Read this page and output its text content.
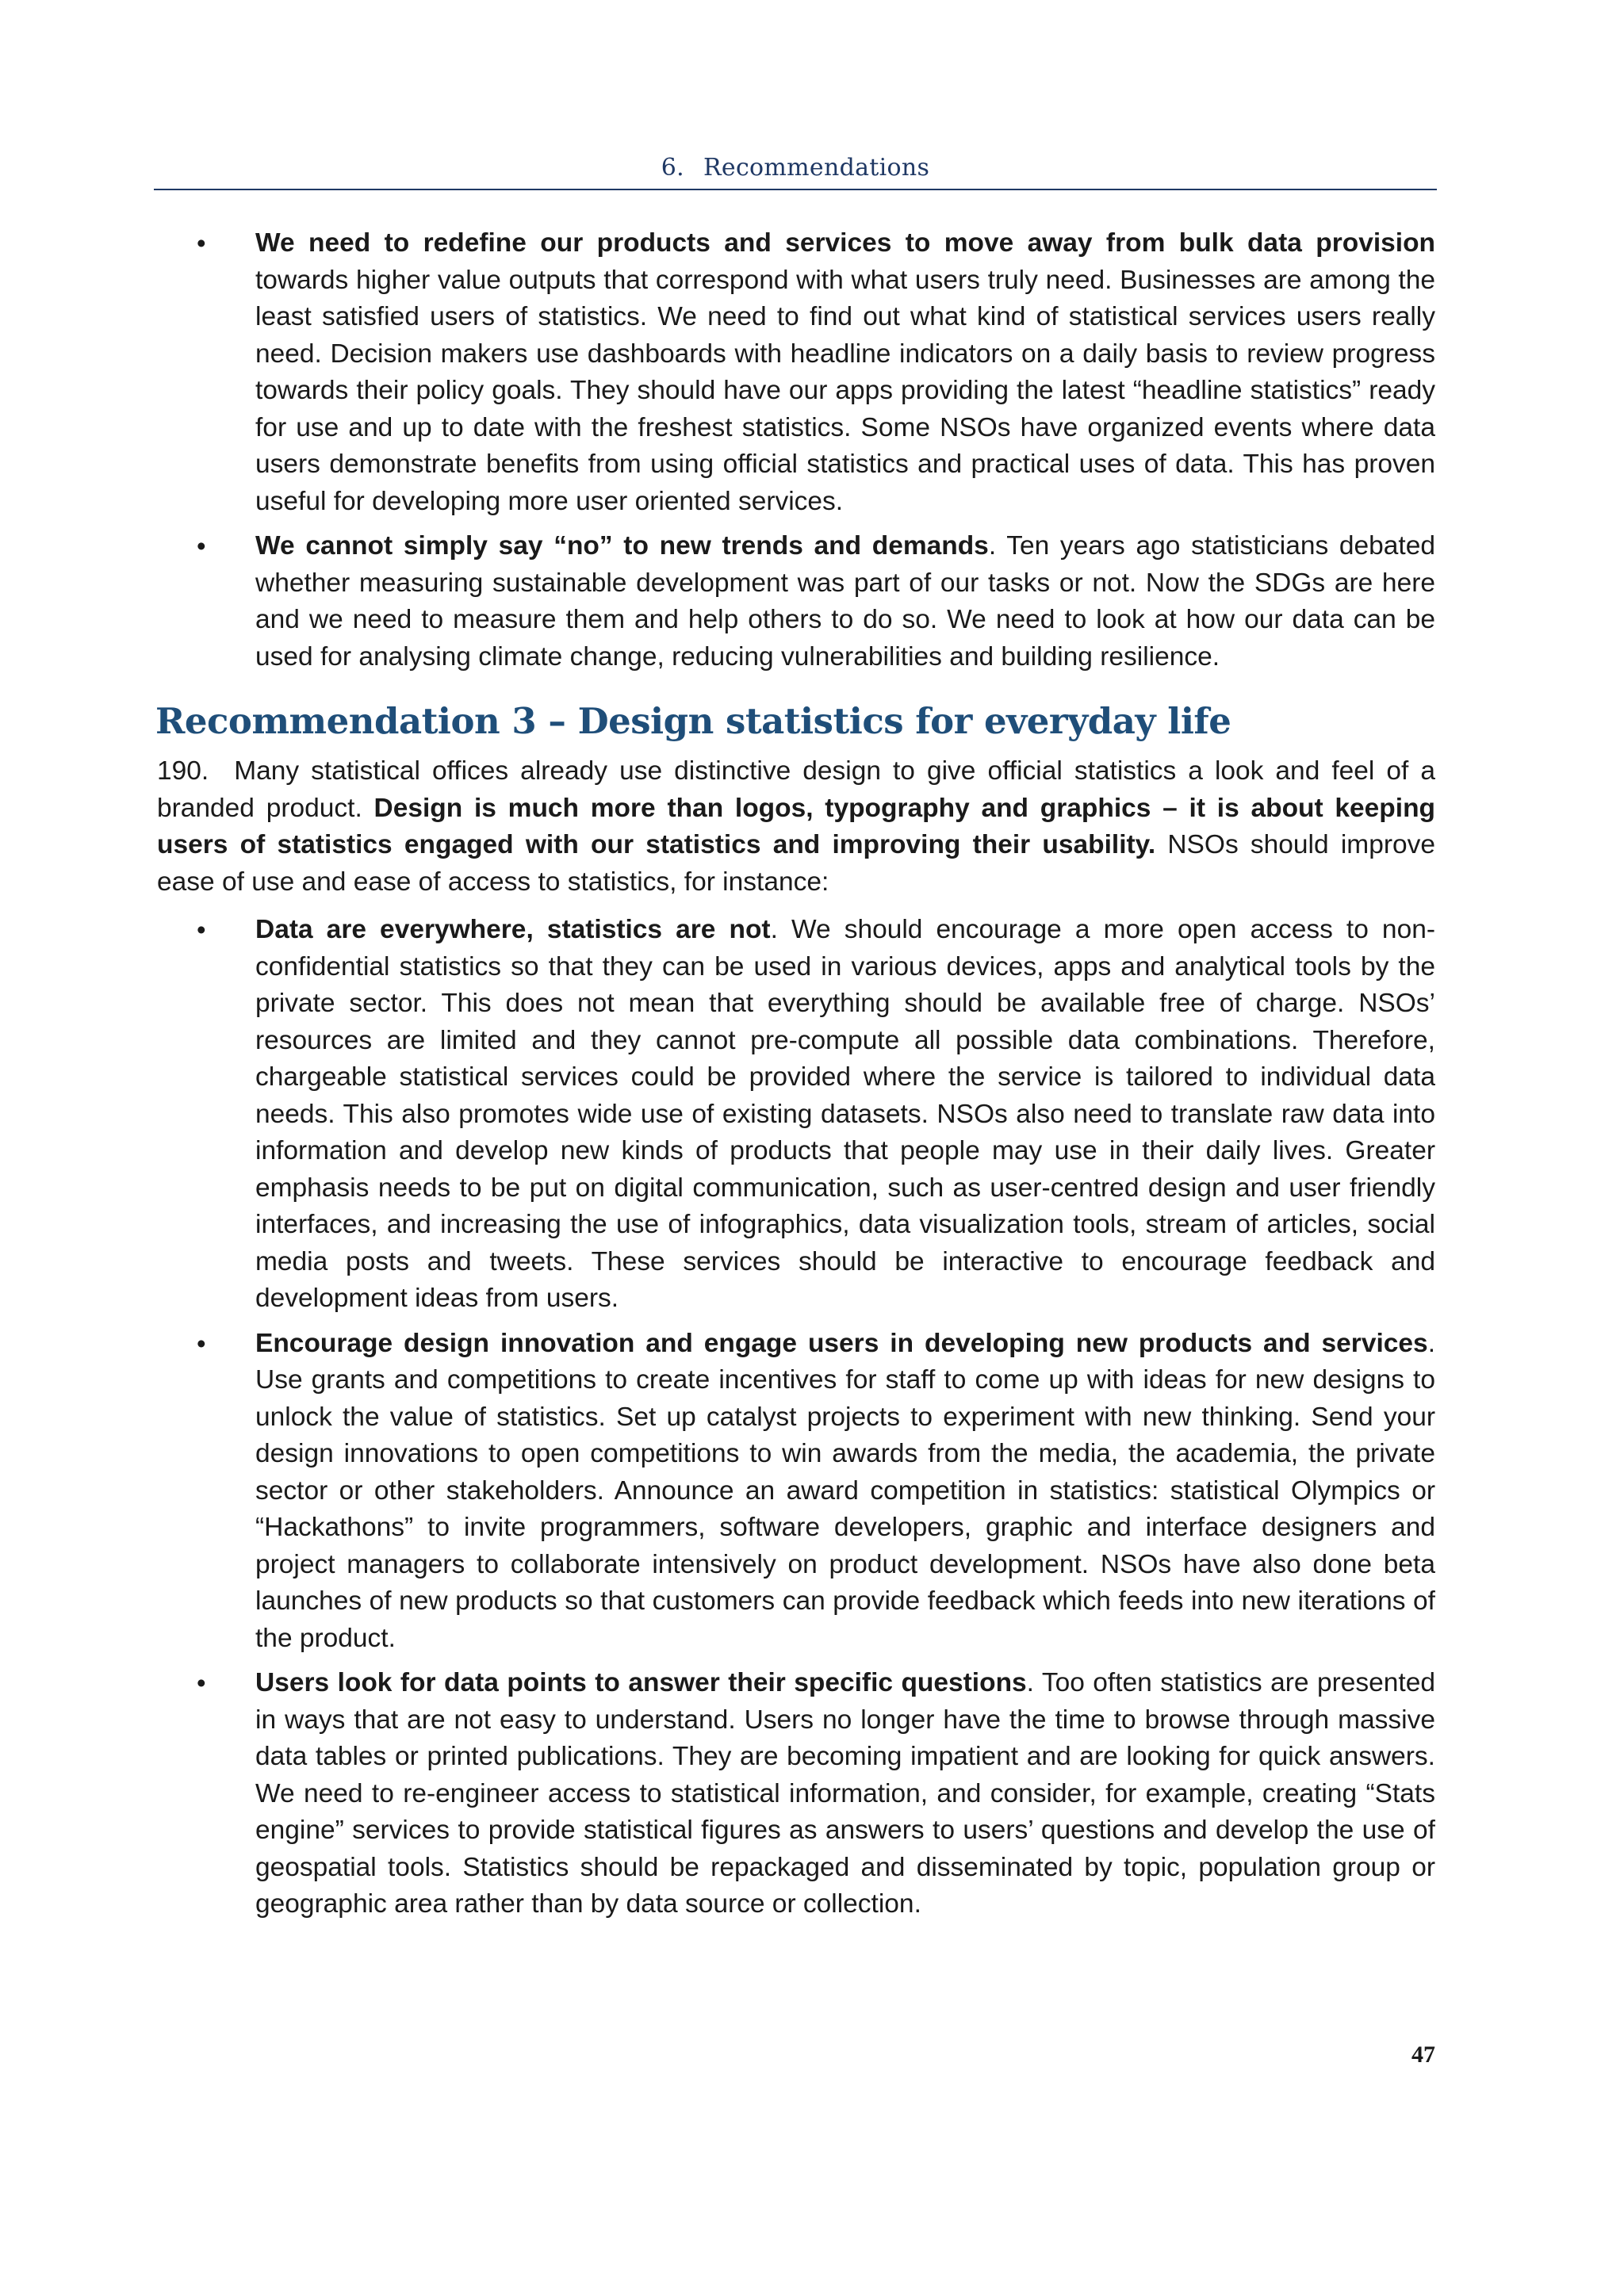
6. Recommendations
• We need to redefine our products and services to move away from bulk data provision towards higher value outputs that correspond with what users truly need. Businesses are among the least satisfied users of statistics. We need to find out what kind of statistical services users really need. Decision makers use dashboards with headline indicators on a daily basis to review progress towards their policy goals. They should have our apps providing the latest “headline statistics” ready for use and up to date with the freshest statistics. Some NSOs have organized events where data users demonstrate benefits from using official statistics and practical uses of data. This has proven useful for developing more user oriented services.
• We cannot simply say “no” to new trends and demands. Ten years ago statisticians debated whether measuring sustainable development was part of our tasks or not. Now the SDGs are here and we need to measure them and help others to do so. We need to look at how our data can be used for analysing climate change, reducing vulnerabilities and building resilience.
Recommendation 3 – Design statistics for everyday life

190. Many statistical offices already use distinctive design to give official statistics a look and feel of a branded product. Design is much more than logos, typography and graphics – it is about keeping users of statistics engaged with our statistics and improving their usability. NSOs should improve ease of use and ease of access to statistics, for instance:

• Data are everywhere, statistics are not. We should encourage a more open access to non-confidential statistics so that they can be used in various devices, apps and analytical tools by the private sector. This does not mean that everything should be available free of charge. NSOs’ resources are limited and they cannot pre-compute all possible data combinations. Therefore, chargeable statistical services could be provided where the service is tailored to individual data needs. This also promotes wide use of existing datasets. NSOs also need to translate raw data into information and develop new kinds of products that people may use in their daily lives. Greater emphasis needs to be put on digital communication, such as user-centred design and user friendly interfaces, and increasing the use of infographics, data visualization tools, stream of articles, social media posts and tweets. These services should be interactive to encourage feedback and development ideas from users.
• Encourage design innovation and engage users in developing new products and services. Use grants and competitions to create incentives for staff to come up with ideas for new designs to unlock the value of statistics. Set up catalyst projects to experiment with new thinking. Send your design innovations to open competitions to win awards from the media, the academia, the private sector or other stakeholders. Announce an award competition in statistics: statistical Olympics or “Hackathons” to invite programmers, software developers, graphic and interface designers and project managers to collaborate intensively on product development. NSOs have also done beta launches of new products so that customers can provide feedback which feeds into new iterations of the product.
• Users look for data points to answer their specific questions. Too often statistics are presented in ways that are not easy to understand. Users no longer have the time to browse through massive data tables or printed publications. They are becoming impatient and are looking for quick answers. We need to re-engineer access to statistical information, and consider, for example, creating “Stats engine” services to provide statistical figures as answers to users’ questions and develop the use of geospatial tools. Statistics should be repackaged and disseminated by topic, population group or geographic area rather than by data source or collection.
47
